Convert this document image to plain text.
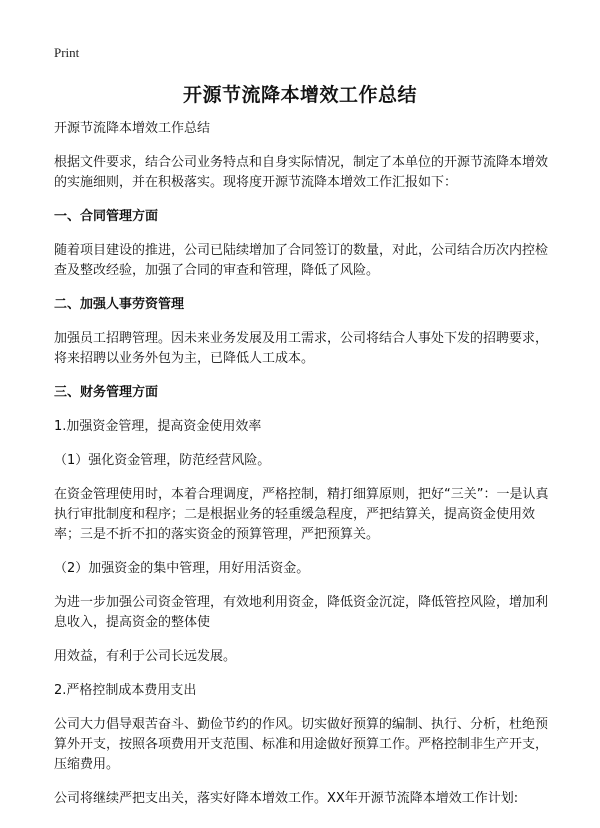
Print
开源节流降本增效工作总结

开源节流降本增效工作总结

根据文件要求，结合公司业务特点和自身实际情况，制定了本单位的开源节流降本增效的实施细则，并在积极落实。现将度开源节流降本增效工作汇报如下：

一、合同管理方面

随着项目建设的推进，公司已陆续增加了合同签订的数量，对此，公司结合历次内控检查及整改经验，加强了合同的审查和管理，降低了风险。

二、加强人事劳资管理

加强员工招聘管理。因未来业务发展及用工需求，公司将结合人事处下发的招聘要求，将来招聘以业务外包为主，已降低人工成本。

三、财务管理方面

1.加强资金管理，提高资金使用效率

（1）强化资金管理，防范经营风险。

在资金管理使用时，本着合理调度，严格控制，精打细算原则，把好“三关”：一是认真执行审批制度和程序；二是根据业务的轻重缓急程度，严把结算关，提高资金使用效率；三是不折不扣的落实资金的预算管理，严把预算关。

（2）加强资金的集中管理，用好用活资金。

为进一步加强公司资金管理，有效地利用资金，降低资金沉淀，降低管控风险，增加利息收入，提高资金的整体使

用效益，有利于公司长远发展。

2.严格控制成本费用支出

公司大力倡导艰苦奋斗、勤俭节约的作风。切实做好预算的编制、执行、分析，杜绝预算外开支，按照各项费用开支范围、标准和用途做好预算工作。严格控制非生产开支，压缩费用。

公司将继续严把支出关，落实好降本增效工作。XX年开源节流降本增效工作计划:
